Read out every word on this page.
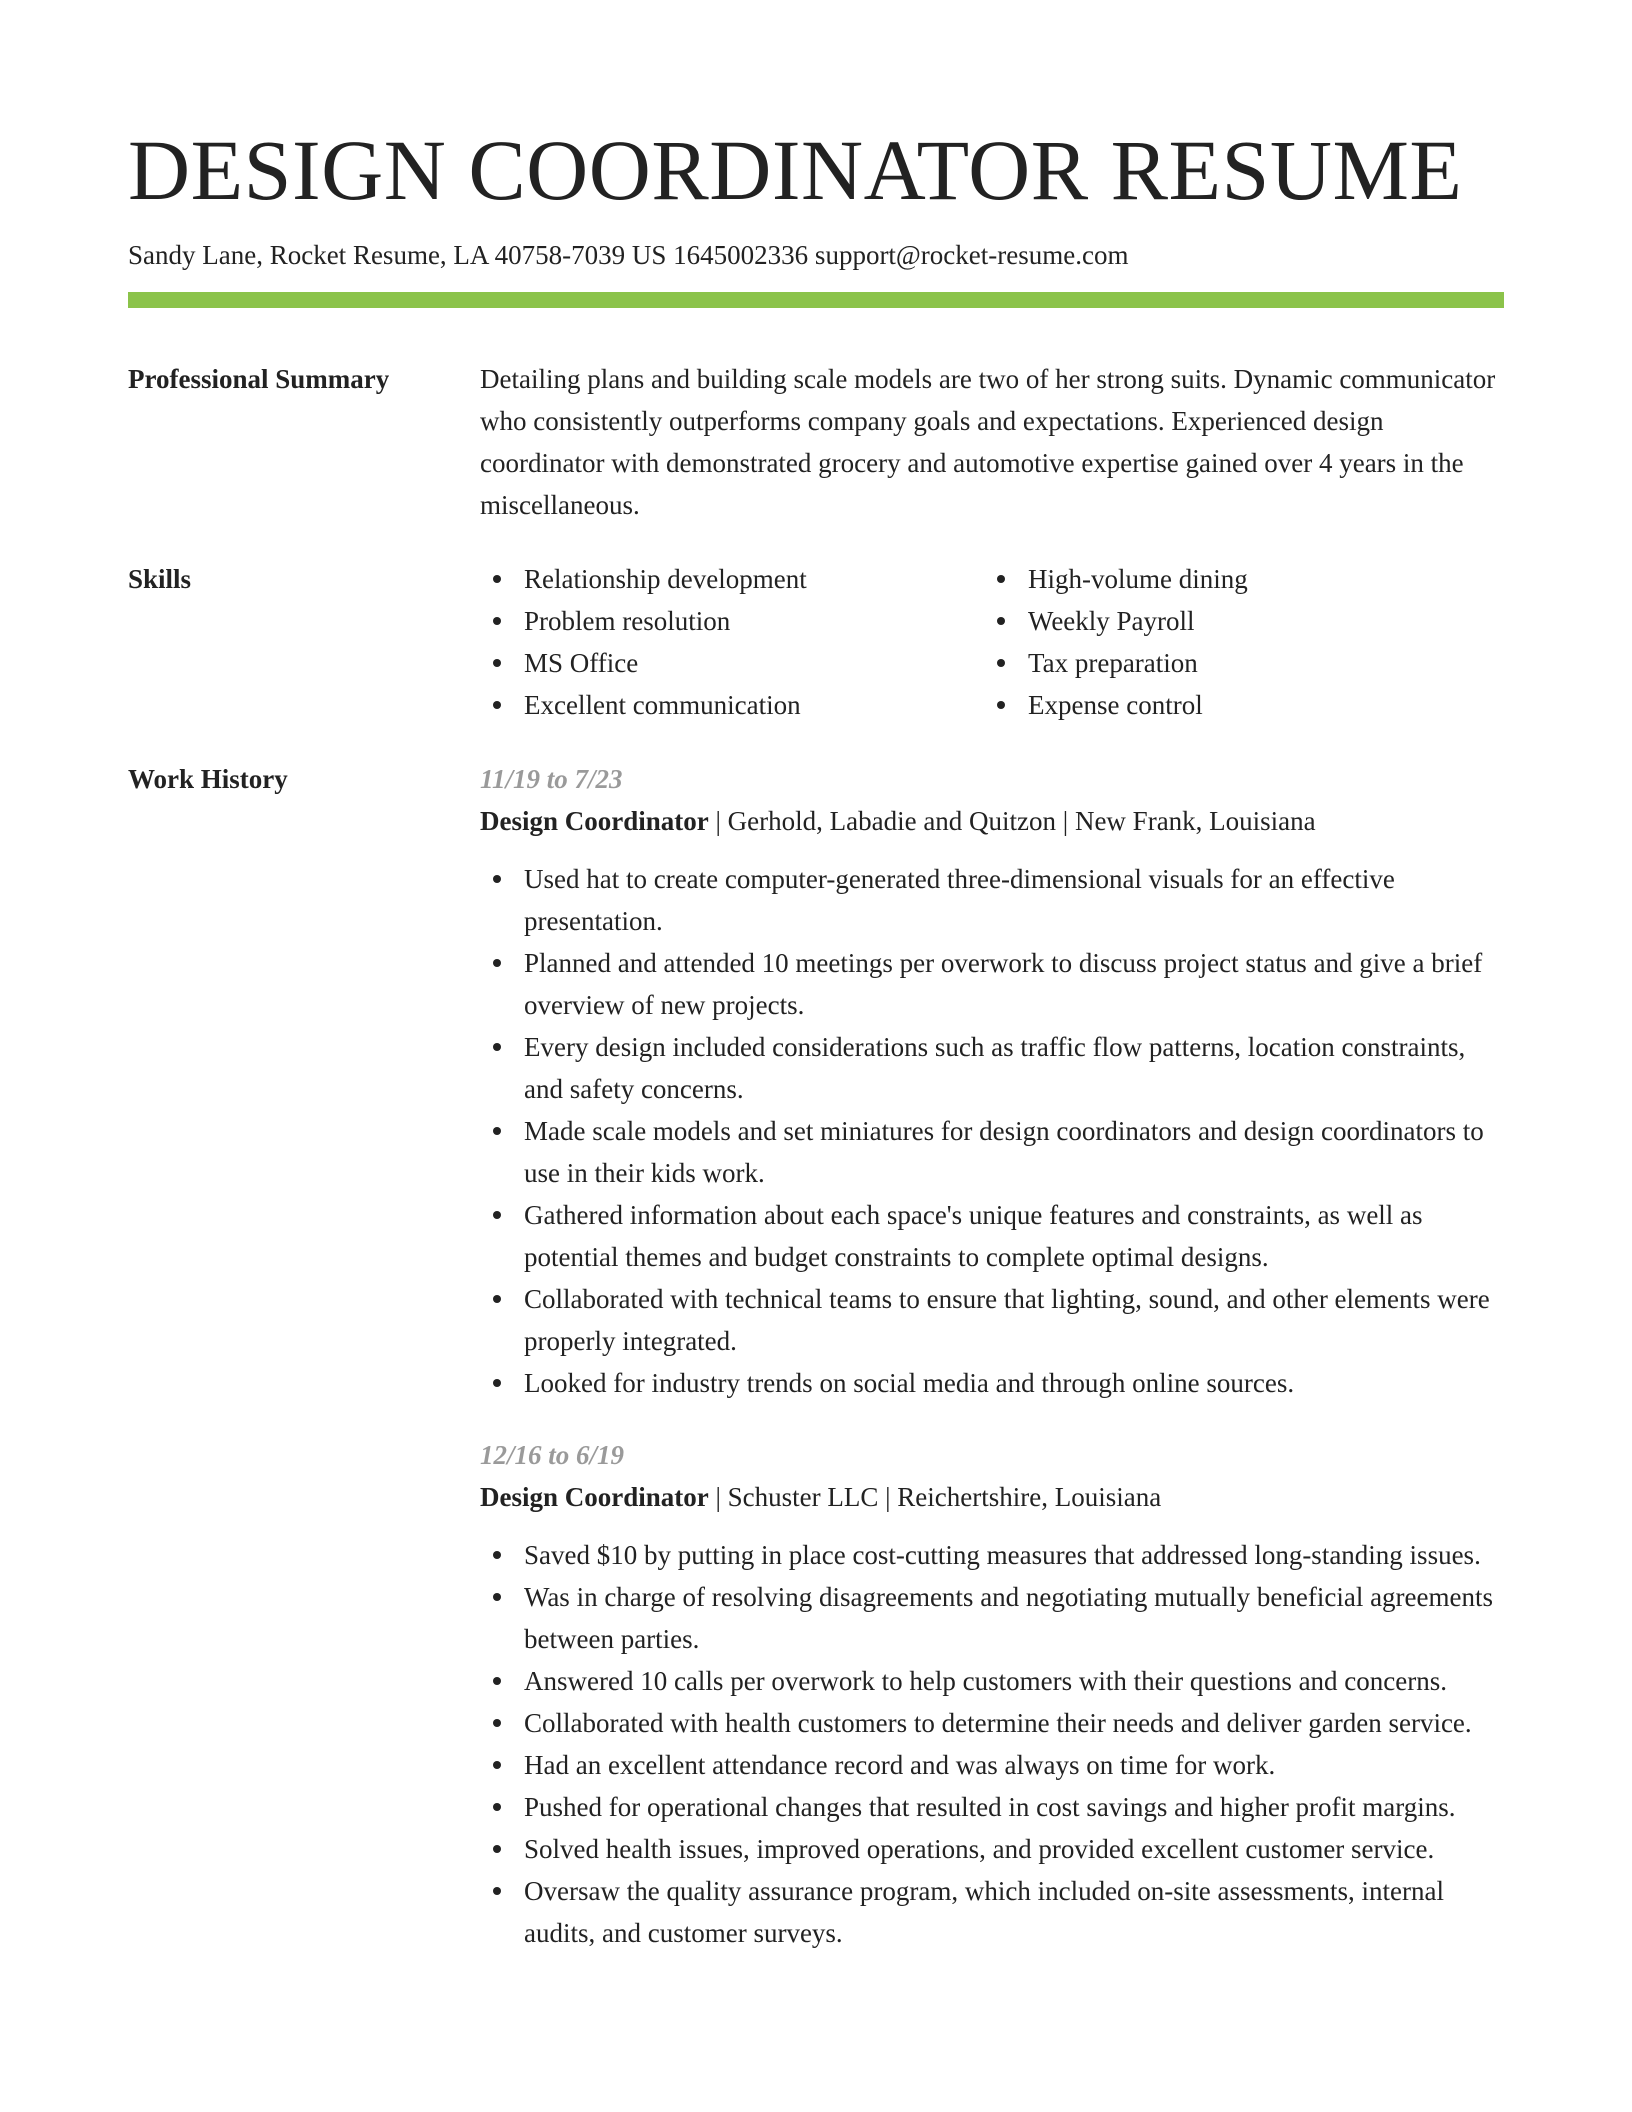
DESIGN COORDINATOR RESUME
Sandy Lane, Rocket Resume, LA 40758-7039 US 1645002336 support@rocket-resume.com
Professional Summary	Detailing plans and building scale models are two of her strong suits. Dynamic communicator who consistently outperforms company goals and expectations. Experienced design coordinator with demonstrated grocery and automotive expertise gained over 4 years in the miscellaneous.
Skills	Relationship development
Problem resolution
MS Office
Excellent communication
High-volume dining
Weekly Payroll
Tax preparation
Expense control
Work History	11/19 to 7/23
Design Coordinator | Gerhold, Labadie and Quitzon | New Frank, Louisiana
Used hat to create computer-generated three-dimensional visuals for an effective presentation.
Planned and attended 10 meetings per overwork to discuss project status and give a brief overview of new projects.
Every design included considerations such as traffic flow patterns, location constraints, and safety concerns.
Made scale models and set miniatures for design coordinators and design coordinators to use in their kids work.
Gathered information about each space's unique features and constraints, as well as potential themes and budget constraints to complete optimal designs.
Collaborated with technical teams to ensure that lighting, sound, and other elements were properly integrated.
Looked for industry trends on social media and through online sources.
12/16 to 6/19
Design Coordinator | Schuster LLC | Reichertshire, Louisiana
Saved $10 by putting in place cost-cutting measures that addressed long-standing issues.
Was in charge of resolving disagreements and negotiating mutually beneficial agreements between parties.
Answered 10 calls per overwork to help customers with their questions and concerns.
Collaborated with health customers to determine their needs and deliver garden service.
Had an excellent attendance record and was always on time for work.
Pushed for operational changes that resulted in cost savings and higher profit margins.
Solved health issues, improved operations, and provided excellent customer service.
Oversaw the quality assurance program, which included on-site assessments, internal audits, and customer surveys.
